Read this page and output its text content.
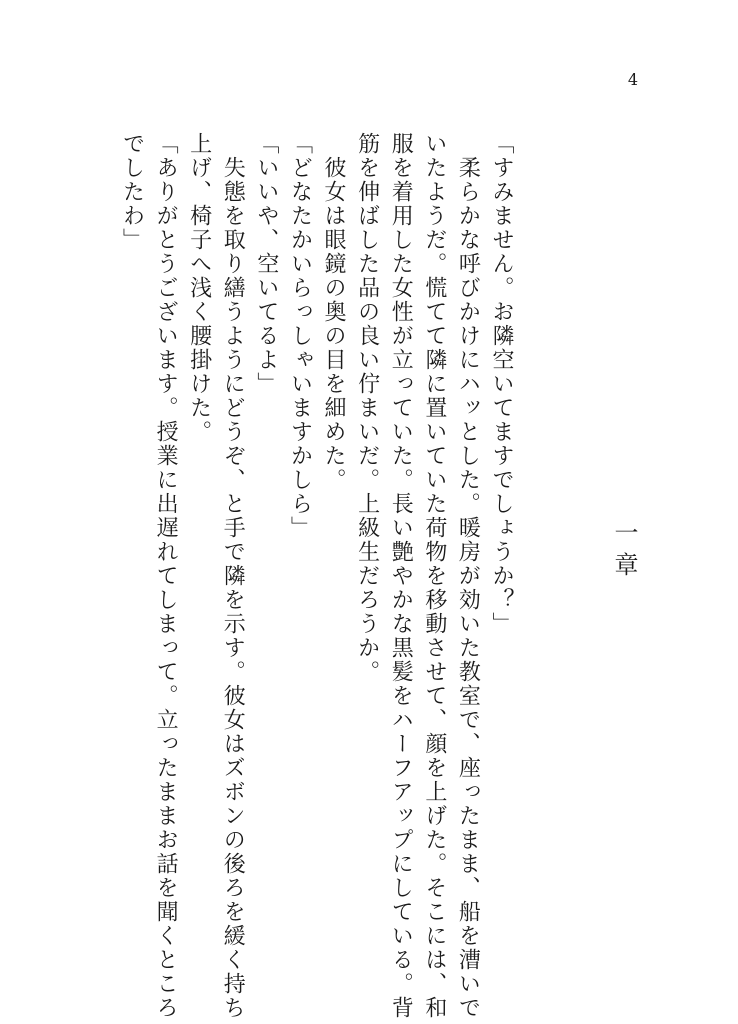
4
一章
「すみません。お隣空いてますでしょうか？」
　柔らかな呼びかけにハッとした。暖房が効いた教室で、座ったまま、船を漕いで
いたようだ。慌てて隣に置いていた荷物を移動させて、顔を上げた。そこには、和
服を着用した女性が立っていた。長い艶やかな黒髪をハーフアップにしている。背
筋を伸ばした品の良い佇まいだ。上級生だろうか。
　彼女は眼鏡の奥の目を細めた。
「どなたかいらっしゃいますかしら」
「いいや、空いてるよ」
　失態を取り繕うようにどうぞ、と手で隣を示す。彼女はズボンの後ろを緩く持ち
上げ、椅子へ浅く腰掛けた。
「ありがとうございます。授業に出遅れてしまって。立ったままお話を聞くところ
でしたわ」
